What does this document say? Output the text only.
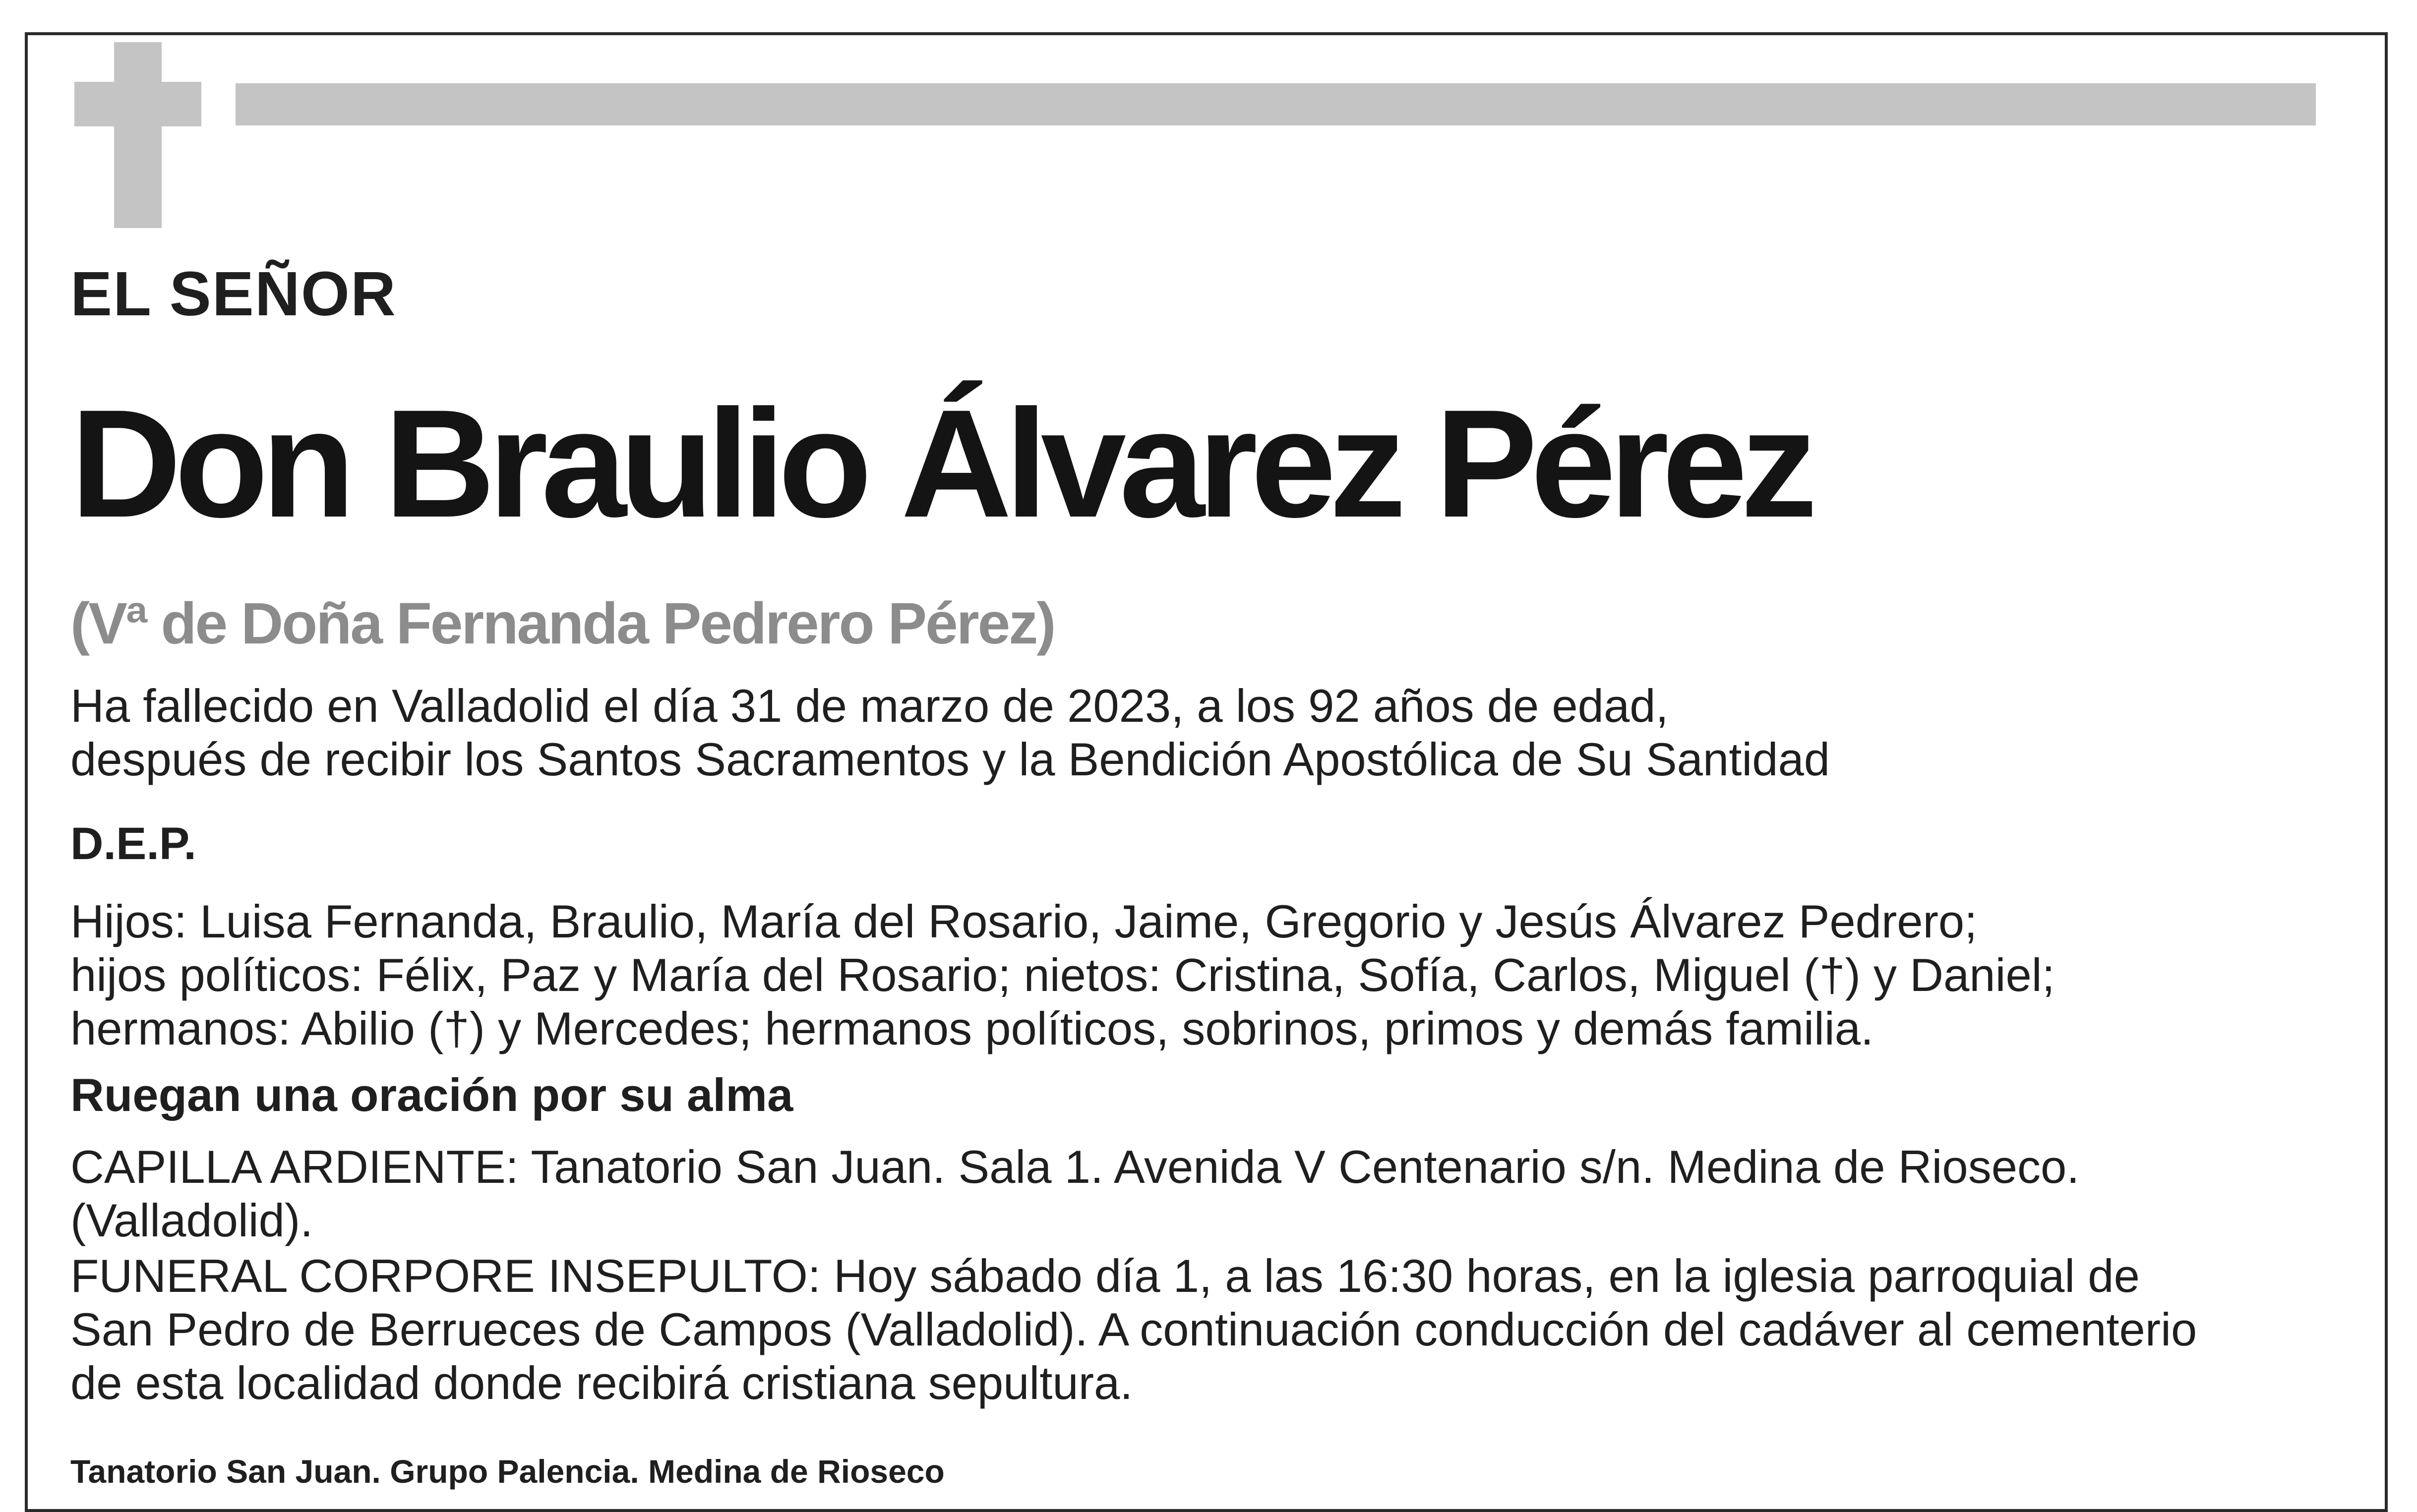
EL SEÑOR

Don Braulio Álvarez Pérez

(Vª de Doña Fernanda Pedrero Pérez)

Ha fallecido en Valladolid el día 31 de marzo de 2023, a los 92 años de edad,
después de recibir los Santos Sacramentos y la Bendición Apostólica de Su Santidad

D.E.P.

Hijos: Luisa Fernanda, Braulio, María del Rosario, Jaime, Gregorio y Jesús Álvarez Pedrero;
hijos políticos: Félix, Paz y María del Rosario; nietos: Cristina, Sofía, Carlos, Miguel (†) y Daniel;
hermanos: Abilio (†) y Mercedes; hermanos políticos, sobrinos, primos y demás familia.

Ruegan una oración por su alma

CAPILLA ARDIENTE: Tanatorio San Juan. Sala 1. Avenida V Centenario s/n. Medina de Rioseco.
(Valladolid).
FUNERAL CORPORE INSEPULTO: Hoy sábado día 1, a las 16:30 horas, en la iglesia parroquial de
San Pedro de Berrueces de Campos (Valladolid). A continuación conducción del cadáver al cementerio
de esta localidad donde recibirá cristiana sepultura.

Tanatorio San Juan. Grupo Palencia. Medina de Rioseco
